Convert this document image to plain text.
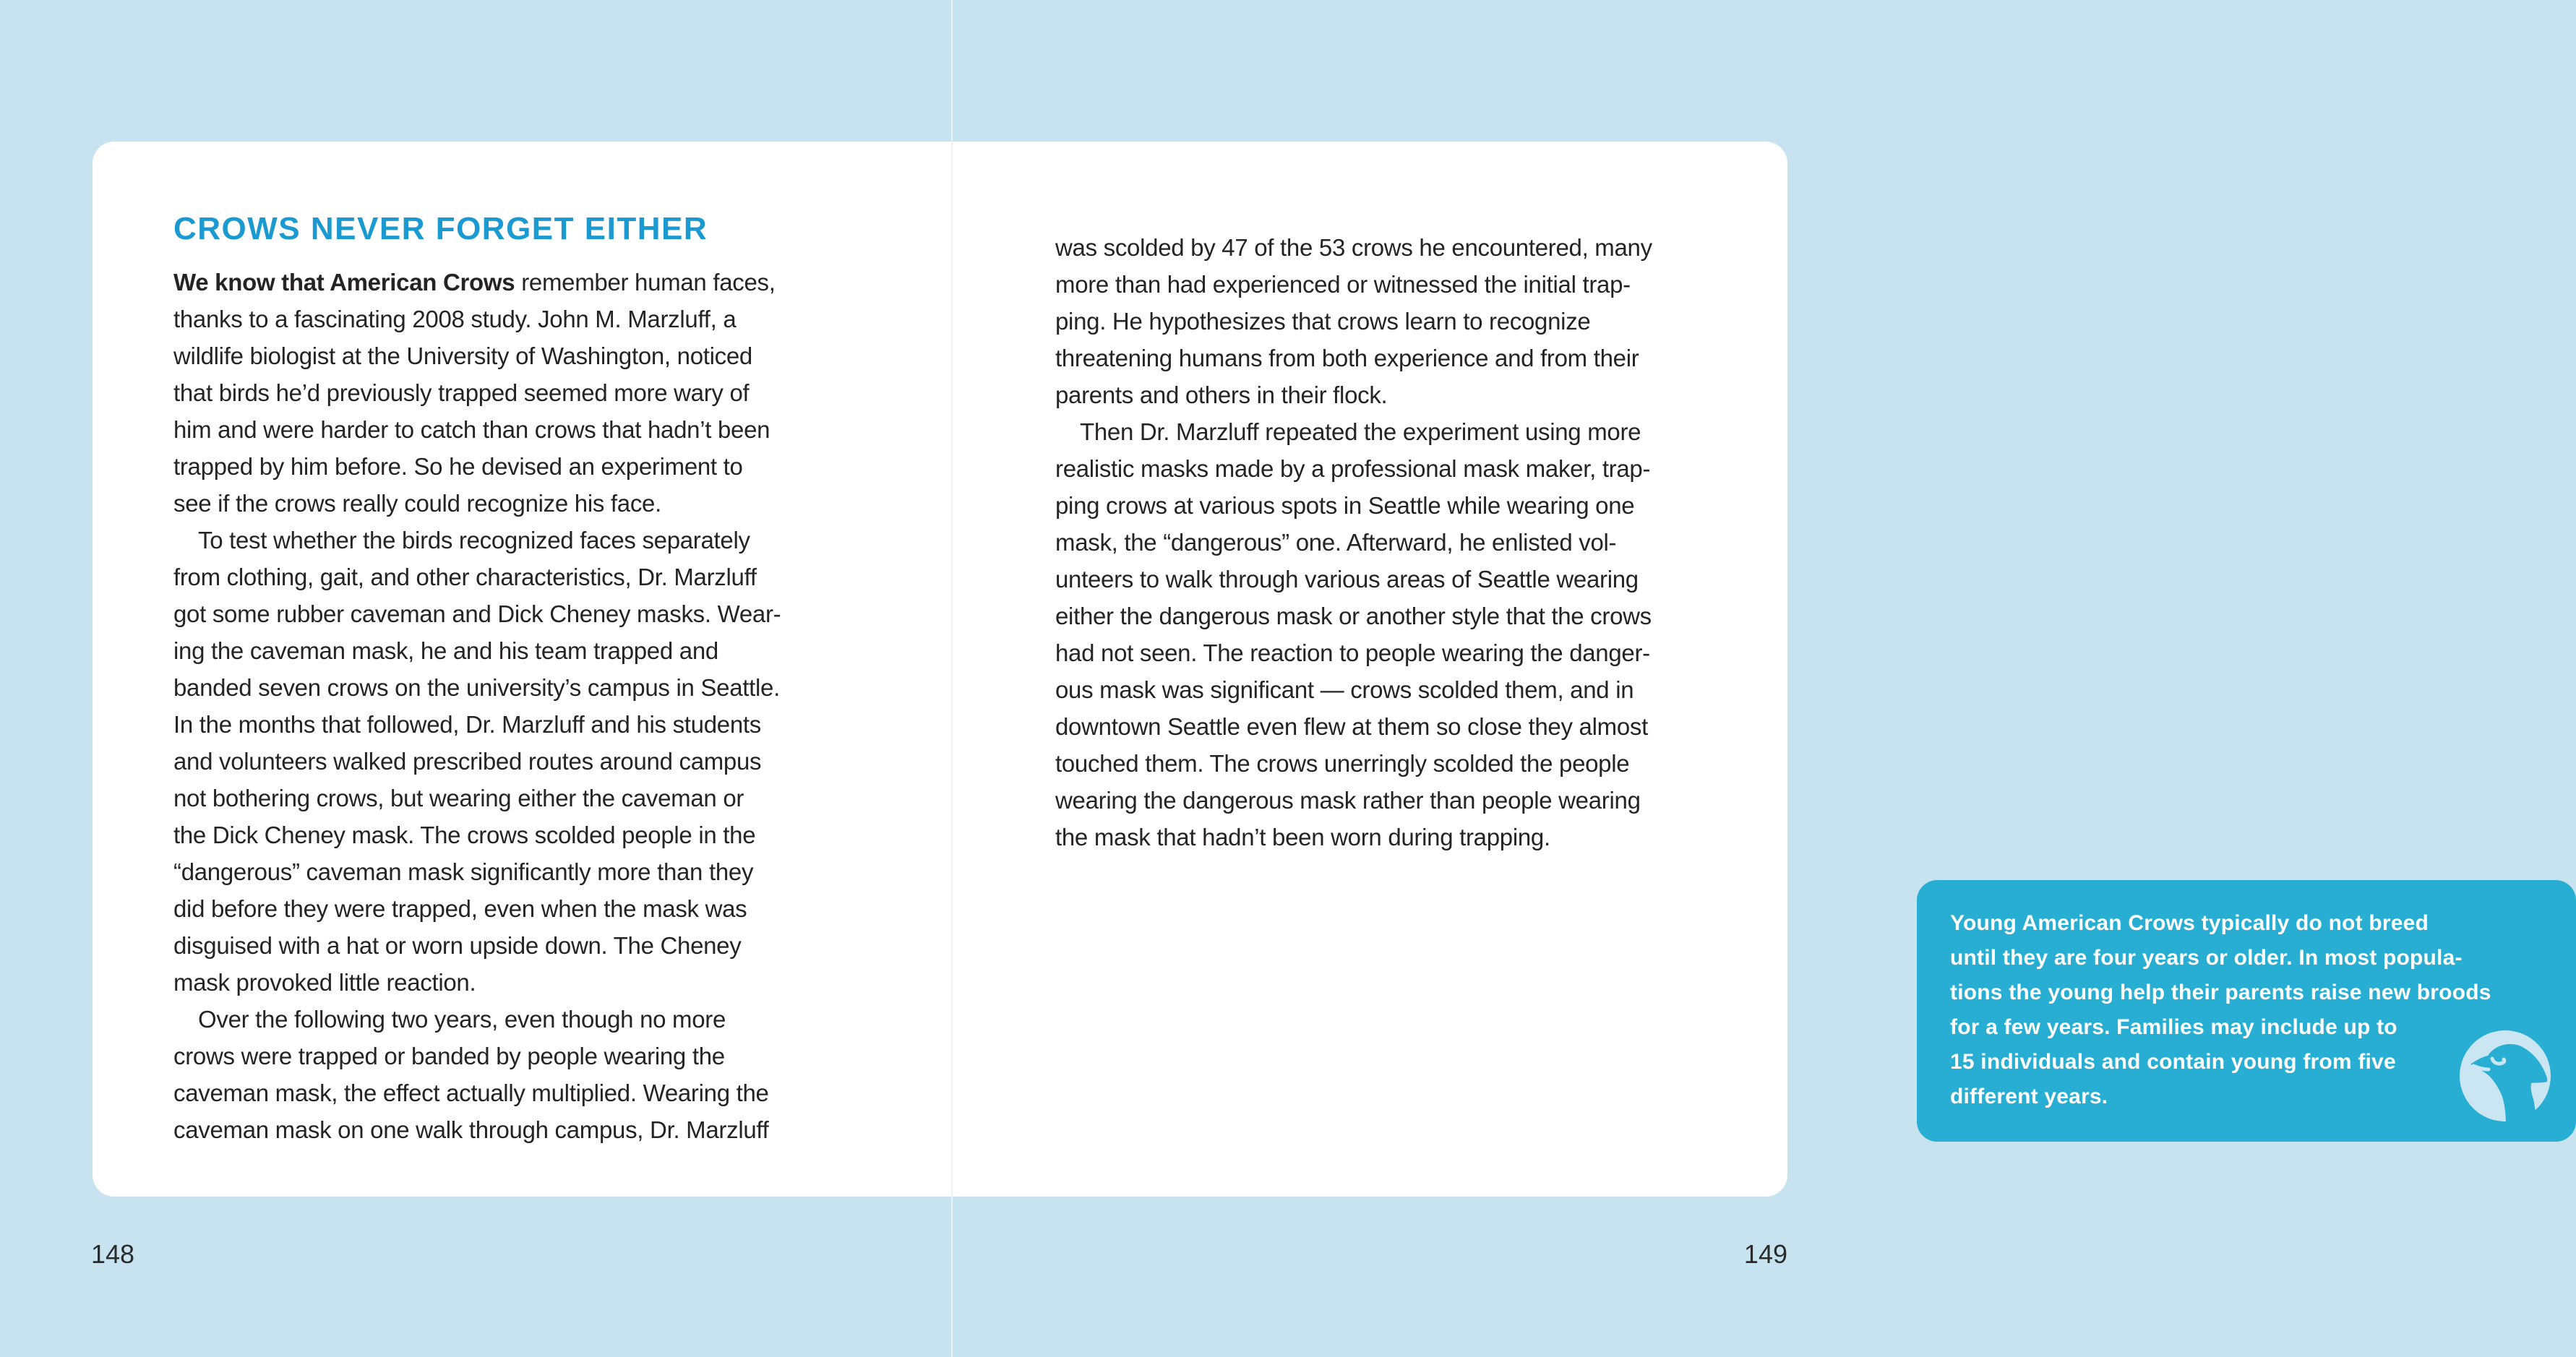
CROWS NEVER FORGET EITHER
We know that American Crows remember human faces,
thanks to a fascinating 2008 study. John M. Marzluff, a
wildlife biologist at the University of Washington, noticed
that birds he’d previously trapped seemed more wary of
him and were harder to catch than crows that hadn’t been
trapped by him before. So he devised an experiment to
see if the crows really could recognize his face.
To test whether the birds recognized faces separately
from clothing, gait, and other characteristics, Dr. Marzluff
got some rubber caveman and Dick Cheney masks. Wear-
ing the caveman mask, he and his team trapped and
banded seven crows on the university’s campus in Seattle.
In the months that followed, Dr. Marzluff and his students
and volunteers walked prescribed routes around campus
not bothering crows, but wearing either the caveman or
the Dick Cheney mask. The crows scolded people in the
“dangerous” caveman mask significantly more than they
did before they were trapped, even when the mask was
disguised with a hat or worn upside down. The Cheney
mask provoked little reaction.
Over the following two years, even though no more
crows were trapped or banded by people wearing the
caveman mask, the effect actually multiplied. Wearing the
caveman mask on one walk through campus, Dr. Marzluff
was scolded by 47 of the 53 crows he encountered, many
more than had experienced or witnessed the initial trap-
ping. He hypothesizes that crows learn to recognize
threatening humans from both experience and from their
parents and others in their flock.
Then Dr. Marzluff repeated the experiment using more
realistic masks made by a professional mask maker, trap-
ping crows at various spots in Seattle while wearing one
mask, the “dangerous” one. Afterward, he enlisted vol-
unteers to walk through various areas of Seattle wearing
either the dangerous mask or another style that the crows
had not seen. The reaction to people wearing the danger-
ous mask was significant — crows scolded them, and in
downtown Seattle even flew at them so close they almost
touched them. The crows unerringly scolded the people
wearing the dangerous mask rather than people wearing
the mask that hadn’t been worn during trapping.
Young American Crows typically do not breed
until they are four years or older. In most popula-
tions the young help their parents raise new broods
for a few years. Families may include up to
15 individuals and contain young from five
different years.
148	149
